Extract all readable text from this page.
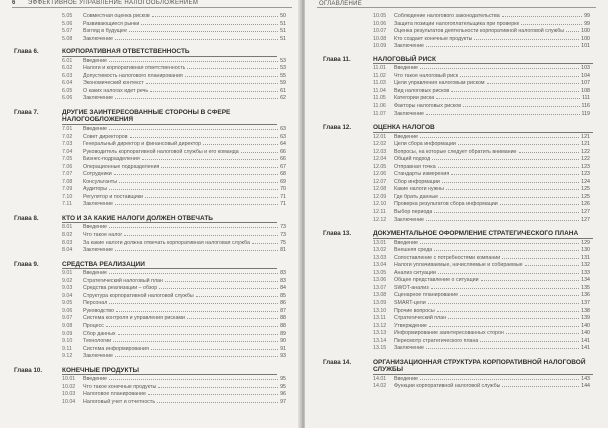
6 ЭФФЕКТИВНОЕ УПРАВЛЕНИЕ НАЛОГООБЛОЖЕНИЕМ
5.05	Совместная оценка рисков	50
5.06	Развивающиеся рынки	51
5.07	Взгляд в будущее	51
5.08	Заключение	51
Глава 6.	КОРПОРАТИВНАЯ ОТВЕТСТВЕННОСТЬ
6.01	Введение	53
6.02	Налоги и корпоративная ответственность	53
6.03	Допустимость налогового планирования	55
6.04	Экономический контекст	59
6.05	О каких налогах идет речь	61
6.06	Заключение	62
Глава 7.	ДРУГИЕ ЗАИНТЕРЕСОВАННЫЕ СТОРОНЫ В СФЕРЕ НАЛОГООБЛОЖЕНИЯ
7.01	Введение	63
7.02	Совет директоров	63
7.03	Генеральный директор и финансовый директор	64
7.04	Руководитель корпоративной налоговой службы и его команда	66
7.05	Бизнес-подразделения	66
7.06	Операционные подразделения	67
7.07	Сотрудники	68
7.08	Консультанты	69
7.09	Аудиторы	70
7.10	Регулятор и поставщики	71
7.11	Заключение	71
Глава 8.	КТО И ЗА КАКИЕ НАЛОГИ ДОЛЖЕН ОТВЕЧАТЬ
8.01	Введение	73
8.02	Что такое налог	73
8.03	За какие налоги должна отвечать корпоративная налоговая служба	75
8.04	Заключение	81
Глава 9.	СРЕДСТВА РЕАЛИЗАЦИИ
9.01	Введение	83
9.02	Стратегический налоговый план	83
9.03	Средства реализации – обзор	84
9.04	Структура корпоративной налоговой службы	85
9.05	Персонал	86
9.06	Руководство	87
9.07	Система контроля и управления рисками	88
9.08	Процесс	88
9.09	Сбор данных	89
9.10	Технологии	90
9.11	Система информирования	91
9.12	Заключение	93
Глава 10.	КОНЕЧНЫЕ ПРОДУКТЫ
10.01	Введение	95
10.02	Что такое конечные продукты	95
10.03	Налоговое планирование	96
10.04	Налоговый учет и отчетность	97
ОГЛАВЛЕНИЕ
10.05	Соблюдение налогового законодательства	99
10.06	Защита позиции налогоплательщика при проверке	99
10.07	Оценка результатов деятельности корпоративной налоговой службы	100
10.08	Кто создает конечные продукты	100
10.09	Заключение	101
Глава 11.	НАЛОГОВЫЙ РИСК
11.01	Введение	103
11.02	Что такое налоговый риск	104
11.03	Цели управления налоговым риском	107
11.04	Вид налоговых рисков	108
11.05	Категории риска	111
11.06	Факторы налоговых рисков	116
11.07	Заключение	119
Глава 12.	ОЦЕНКА НАЛОГОВ
12.01	Введение	121
12.02	Цели сбора информации	121
12.03	Вопросы, на которые следует обратить внимание	122
12.04	Общий подход	122
12.05	Отправная точка	123
12.06	Стандарты измерения	123
12.07	Сбор информации	124
12.08	Какие налоги нужны	125
12.09	Где брать данные	125
12.10	Проверка результатов сбора информации	126
12.11	Выбор периода	127
12.12	Заключение	127
Глава 13.	ДОКУМЕНТАЛЬНОЕ ОФОРМЛЕНИЕ СТРАТЕГИЧЕСКОГО ПЛАНА
13.01	Введение	129
13.02	Внешняя среда	130
13.03	Сопоставление с потребностями компании	131
13.04	Налоги уплачиваемые, начисляемые и собираемые	132
13.05	Анализ ситуации	133
13.06	Общее представление о ситуации	134
13.07	SWOT-анализ	135
13.08	Сценарное планирование	136
13.09	SMART-цели	137
13.10	Прочие вопросы	138
13.11	Стратегический план	139
13.12	Утверждение	140
13.13	Информирование заинтересованных сторон	140
13.14	Пересмотр стратегического плана	141
13.15	Заключение	141
Глава 14.	ОРГАНИЗАЦИОННАЯ СТРУКТУРА КОРПОРАТИВНОЙ НАЛОГОВОЙ СЛУЖБЫ
14.01	Введение	143
14.02	Функции корпоративной налоговой службы	144
